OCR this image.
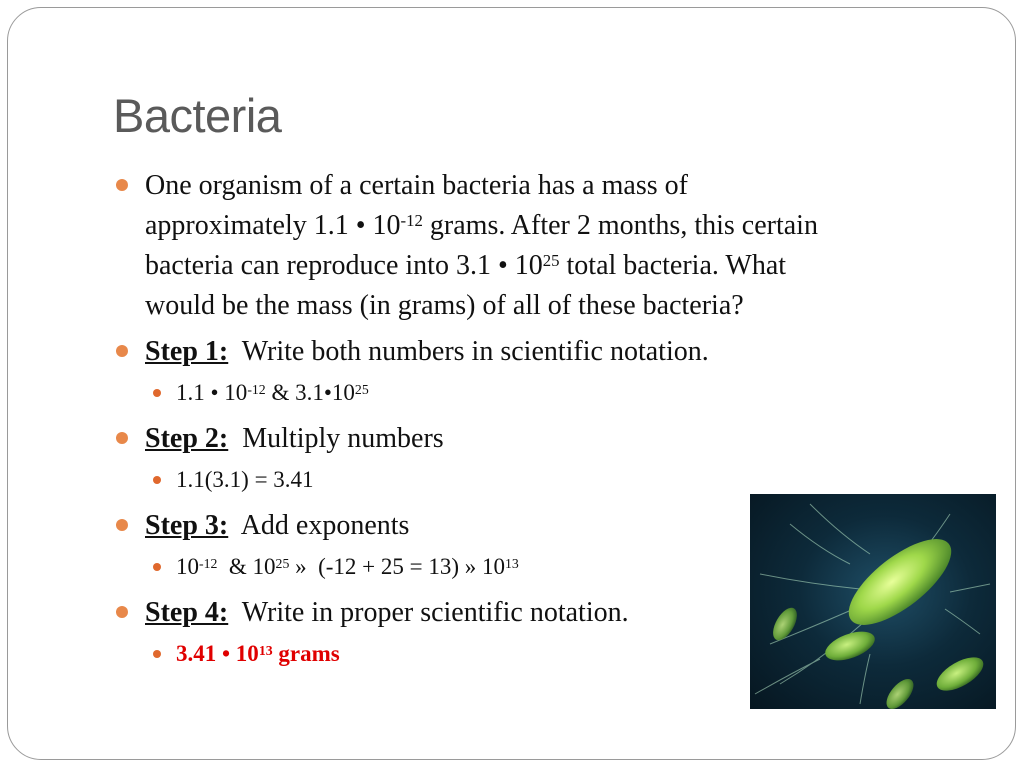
Bacteria
One organism of a certain bacteria has a mass of
approximately 1.1 • $10^{-12}$ grams. After 2 months, this certain
bacteria can reproduce into 3.1 • $10^{25}$ total bacteria. What
would be the mass (in grams) of all of these bacteria?
Step 1: Write both numbers in scientific notation.
1.1 • $10^{-12}$ & $3.1•10^{25}$
Step 2: Multiply numbers
1.1(3.1) = 3.41
Step 3: Add exponents
$10^{-12}$  & $10^{25}$ »  (-12 + 25 = 13) » $10^{13}$
Step 4: Write in proper scientific notation.
3.41 • $10^{13}$ grams
